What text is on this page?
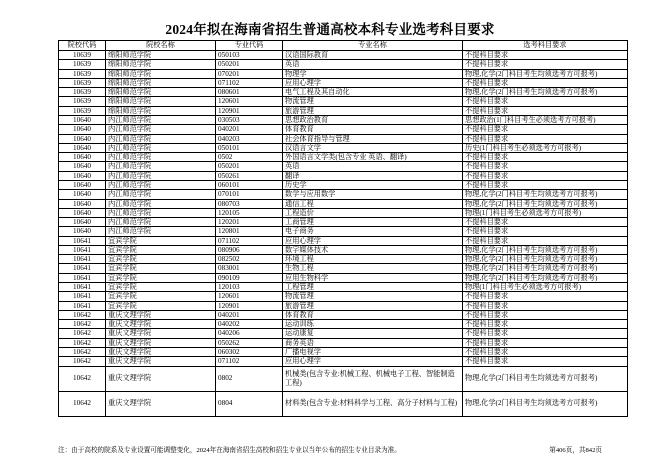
2024年拟在海南省招生普通高校本科专业选考科目要求
院校代码	院校名称	专业代码	专业名称	选考科目要求
10639	绵阳师范学院	050103	汉语国际教育	不提科目要求
10639	绵阳师范学院	050201	英语	不提科目要求
10639	绵阳师范学院	070201	物理学	物理,化学(2门科目考生均须选考方可报考)
10639	绵阳师范学院	071102	应用心理学	不提科目要求
10639	绵阳师范学院	080601	电气工程及其自动化	物理,化学(2门科目考生均须选考方可报考)
10639	绵阳师范学院	120601	物流管理	不提科目要求
10639	绵阳师范学院	120901	旅游管理	不提科目要求
10640	内江师范学院	030503	思想政治教育	思想政治(1门科目考生必须选考方可报考)
10640	内江师范学院	040201	体育教育	不提科目要求
10640	内江师范学院	040203	社会体育指导与管理	不提科目要求
10640	内江师范学院	050101	汉语言文学	历史(1门科目考生必须选考方可报考)
10640	内江师范学院	0502	外国语言文学类(包含专业 英语、翻译)	不提科目要求
10640	内江师范学院	050201	英语	不提科目要求
10640	内江师范学院	050261	翻译	不提科目要求
10640	内江师范学院	060101	历史学	不提科目要求
10640	内江师范学院	070101	数学与应用数学	物理,化学(2门科目考生均须选考方可报考)
10640	内江师范学院	080703	通信工程	物理,化学(2门科目考生均须选考方可报考)
10640	内江师范学院	120105	工程造价	物理(1门科目考生必须选考方可报考)
10640	内江师范学院	120201	工商管理	不提科目要求
10640	内江师范学院	120801	电子商务	不提科目要求
10641	宜宾学院	071102	应用心理学	不提科目要求
10641	宜宾学院	080906	数字媒体技术	物理,化学(2门科目考生均须选考方可报考)
10641	宜宾学院	082502	环境工程	物理,化学(2门科目考生均须选考方可报考)
10641	宜宾学院	083001	生物工程	物理,化学(2门科目考生均须选考方可报考)
10641	宜宾学院	090109	应用生物科学	物理,化学(2门科目考生均须选考方可报考)
10641	宜宾学院	120103	工程管理	物理(1门科目考生必须选考方可报考)
10641	宜宾学院	120601	物流管理	不提科目要求
10641	宜宾学院	120901	旅游管理	不提科目要求
10642	重庆文理学院	040201	体育教育	不提科目要求
10642	重庆文理学院	040202	运动训练	不提科目要求
10642	重庆文理学院	040206	运动康复	不提科目要求
10642	重庆文理学院	050262	商务英语	不提科目要求
10642	重庆文理学院	060302	广播电视学	不提科目要求
10642	重庆文理学院	071102	应用心理学	不提科目要求
10642	重庆文理学院	0802	机械类(包含专业:机械工程、机械电子工程、智能制造工程)	物理,化学(2门科目考生均须选考方可报考)
10642	重庆文理学院	0804	材料类(包含专业:材料科学与工程、高分子材料与工程)	物理,化学(2门科目考生均须选考方可报考)
注：由于高校的院系及专业设置可能调整变化，2024年在海南省招生高校和招生专业以当年公布的招生专业目录为准。	第406页，共842页
